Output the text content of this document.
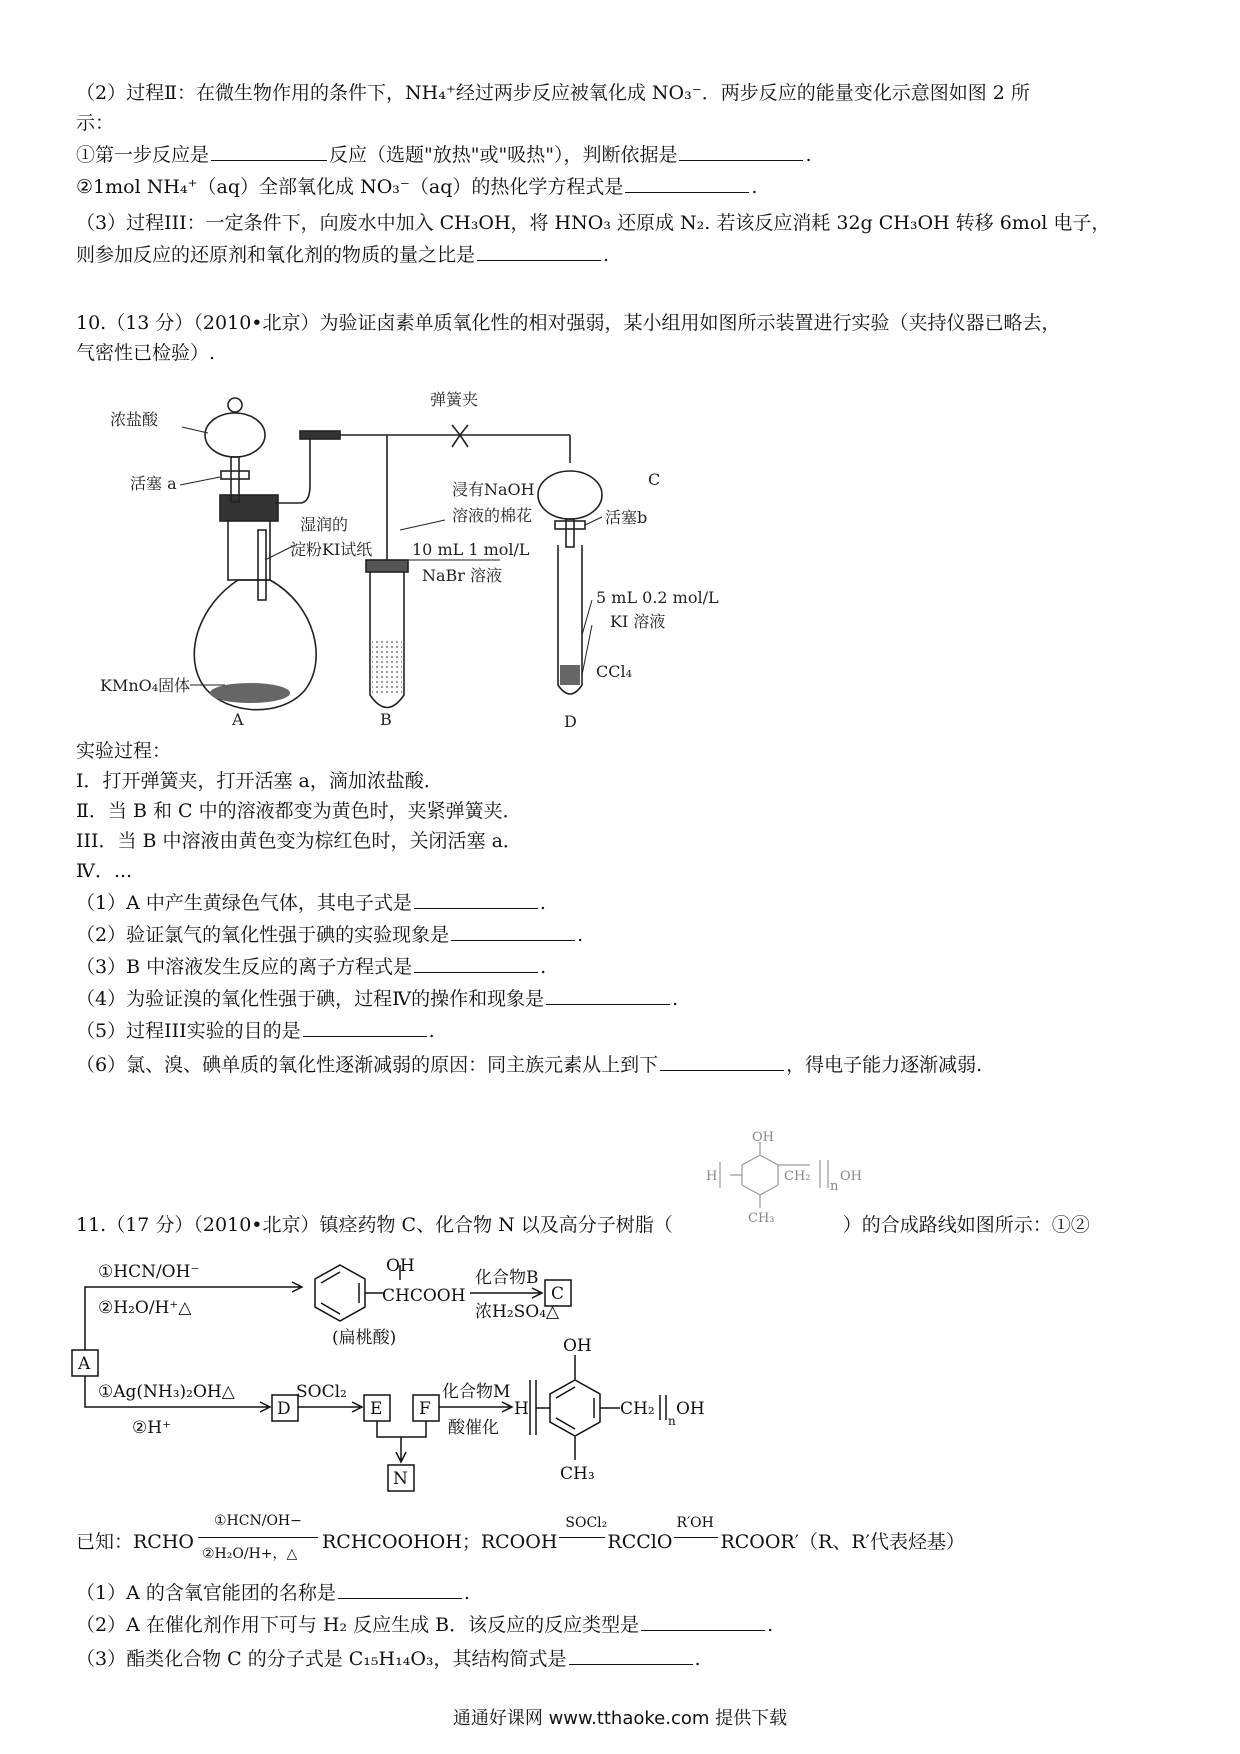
（2）过程Ⅱ：在微生物作用的条件下，NH₄⁺经过两步反应被氧化成 NO₃⁻．两步反应的能量变化示意图如图 2 所
示：
①第一步反应是	反应（选题"放热"或"吸热"），判断依据是	.
②1mol NH₄⁺（aq）全部氧化成 NO₃⁻（aq）的热化学方程式是	.
（3）过程III：一定条件下，向废水中加入 CH₃OH，将 HNO₃ 还原成 N₂. 若该反应消耗 32g CH₃OH 转移 6mol 电子，
则参加反应的还原剂和氧化剂的物质的量之比是	.
10.（13 分）（2010•北京）为验证卤素单质氧化性的相对强弱，某小组用如图所示装置进行实验（夹持仪器已略去，
气密性已检验）.
浓盐酸
活塞 a
弹簧夹
湿润的
淀粉KI试纸
浸有NaOH
溶液的棉花
C
活塞b
10 mL 1 mol/L
NaBr 溶液
5 mL 0.2 mol/L
KI 溶液
CCl₄
KMnO₄固体
A	B	D
实验过程：
Ⅰ．打开弹簧夹，打开活塞 a，滴加浓盐酸．
Ⅱ．当 B 和 C 中的溶液都变为黄色时，夹紧弹簧夹．
III．当 B 中溶液由黄色变为棕红色时，关闭活塞 a．
Ⅳ．...
（1）A 中产生黄绿色气体，其电子式是	.
（2）验证氯气的氧化性强于碘的实验现象是	.
（3）B 中溶液发生反应的离子方程式是	.
（4）为验证溴的氧化性强于碘，过程Ⅳ的操作和现象是	.
（5）过程III实验的目的是	.
（6）氯、溴、碘单质的氧化性逐渐减弱的原因：同主族元素从上到下	，得电子能力逐渐减弱.
OH
H	CH₂
n
OH
CH₃
11.（17 分）（2010•北京）镇痉药物 C、化合物 N 以及高分子树脂（	）的合成路线如图所示：①②
A
①HCN/OH⁻
②H₂O/H⁺△
OH
CHCOOH
(扁桃酸)
化合物B
浓H₂SO₄△
C
①Ag(NH₃)₂OH△
②H⁺
D
SOCl₂
E F
N
化合物M
酸催化
H
OH
CH₂
n
OH
CH₃
已知：RCHO
①HCN/OH−
②H₂O/H+，△
RCHCOOHOH；RCOOH
SOCl₂
RCClO
R′OH
RCOOR′（R、R′代表烃基）
（1）A 的含氧官能团的名称是	.
（2）A 在催化剂作用下可与 H₂ 反应生成 B．该反应的反应类型是	.
（3）酯类化合物 C 的分子式是 C₁₅H₁₄O₃，其结构简式是	.
通通好课网 www.tthaoke.com 提供下载
